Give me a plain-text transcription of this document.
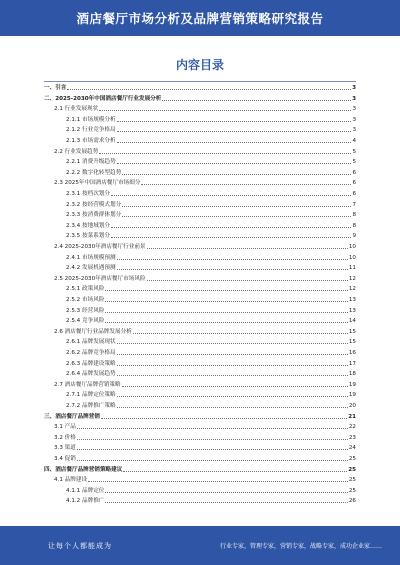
酒店餐厅市场分析及品牌营销策略研究报告
内容目录
一、引言	3
二、2025-2030年中国酒店餐厅行业发展分析	3
2.1 行业发展现状	3
2.1.1 市场规模分析	3
2.1.2 行业竞争格局	3
2.1.3 市场需求分析	4
2.2 行业发展趋势	5
2.2.1 消费升级趋势	5
2.2.2 数字化转型趋势	6
2.3 2025年中国酒店餐厅市场细分	6
2.3.1 按档次划分	6
2.3.2 按经营模式划分	7
2.3.3 按消费群体划分	8
2.3.4 按地域划分	8
2.3.5 按菜系划分	9
2.4 2025-2030年酒店餐厅行业前景	10
2.4.1 市场规模预测	10
2.4.2 发展机遇预测	11
2.5 2025-2030年酒店餐厅市场风险	12
2.5.1 政策风险	12
2.5.2 市场风险	13
2.5.3 经营风险	13
2.5.4 竞争风险	14
2.6 酒店餐厅行业品牌发展分析	15
2.6.1 品牌发展现状	15
2.6.2 品牌竞争格局	16
2.6.3 品牌建设策略	17
2.6.4 品牌发展趋势	18
2.7 酒店餐厅品牌营销策略	19
2.7.1 品牌定位策略	19
2.7.2 品牌推广策略	20
三、酒店餐厅品牌营销	21
3.1 产品	22
3.2 价格	23
3.3 渠道	24
3.4 促销	25
四、酒店餐厅品牌营销策略建议	25
4.1 品牌建设	25
4.1.1 品牌定位	25
4.1.2 品牌推广	26
让每个人都能成为	行业专家，管理专家，营销专家，战略专家，成功企业家……
